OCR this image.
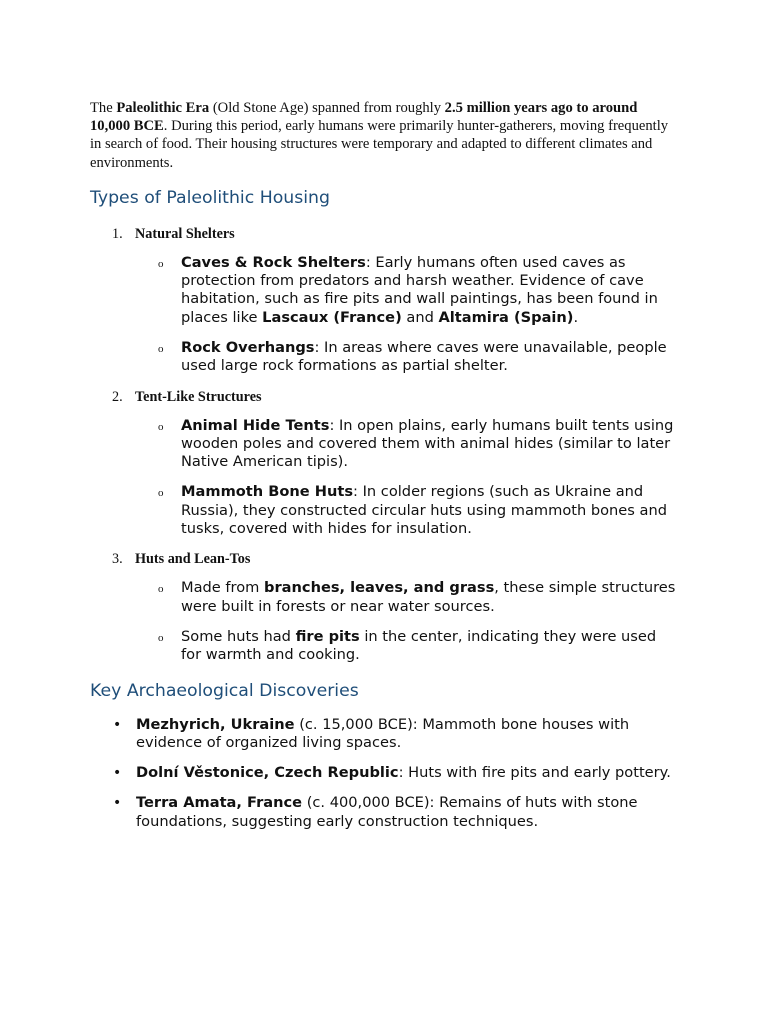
The Paleolithic Era (Old Stone Age) spanned from roughly 2.5 million years ago to around 10,000 BCE. During this period, early humans were primarily hunter-gatherers, moving frequently in search of food. Their housing structures were temporary and adapted to different climates and environments.

Types of Paleolithic Housing
1. Natural Shelters
o Caves & Rock Shelters: Early humans often used caves as protection from predators and harsh weather. Evidence of cave habitation, such as fire pits and wall paintings, has been found in places like Lascaux (France) and Altamira (Spain).
o Rock Overhangs: In areas where caves were unavailable, people used large rock formations as partial shelter.
2. Tent-Like Structures
o Animal Hide Tents: In open plains, early humans built tents using wooden poles and covered them with animal hides (similar to later Native American tipis).
o Mammoth Bone Huts: In colder regions (such as Ukraine and Russia), they constructed circular huts using mammoth bones and tusks, covered with hides for insulation.
3. Huts and Lean-Tos
o Made from branches, leaves, and grass, these simple structures were built in forests or near water sources.
o Some huts had fire pits in the center, indicating they were used for warmth and cooking.
Key Archaeological Discoveries
• Mezhyrich, Ukraine (c. 15,000 BCE): Mammoth bone houses with evidence of organized living spaces.
• Dolní Věstonice, Czech Republic: Huts with fire pits and early pottery.
• Terra Amata, France (c. 400,000 BCE): Remains of huts with stone foundations, suggesting early construction techniques.
